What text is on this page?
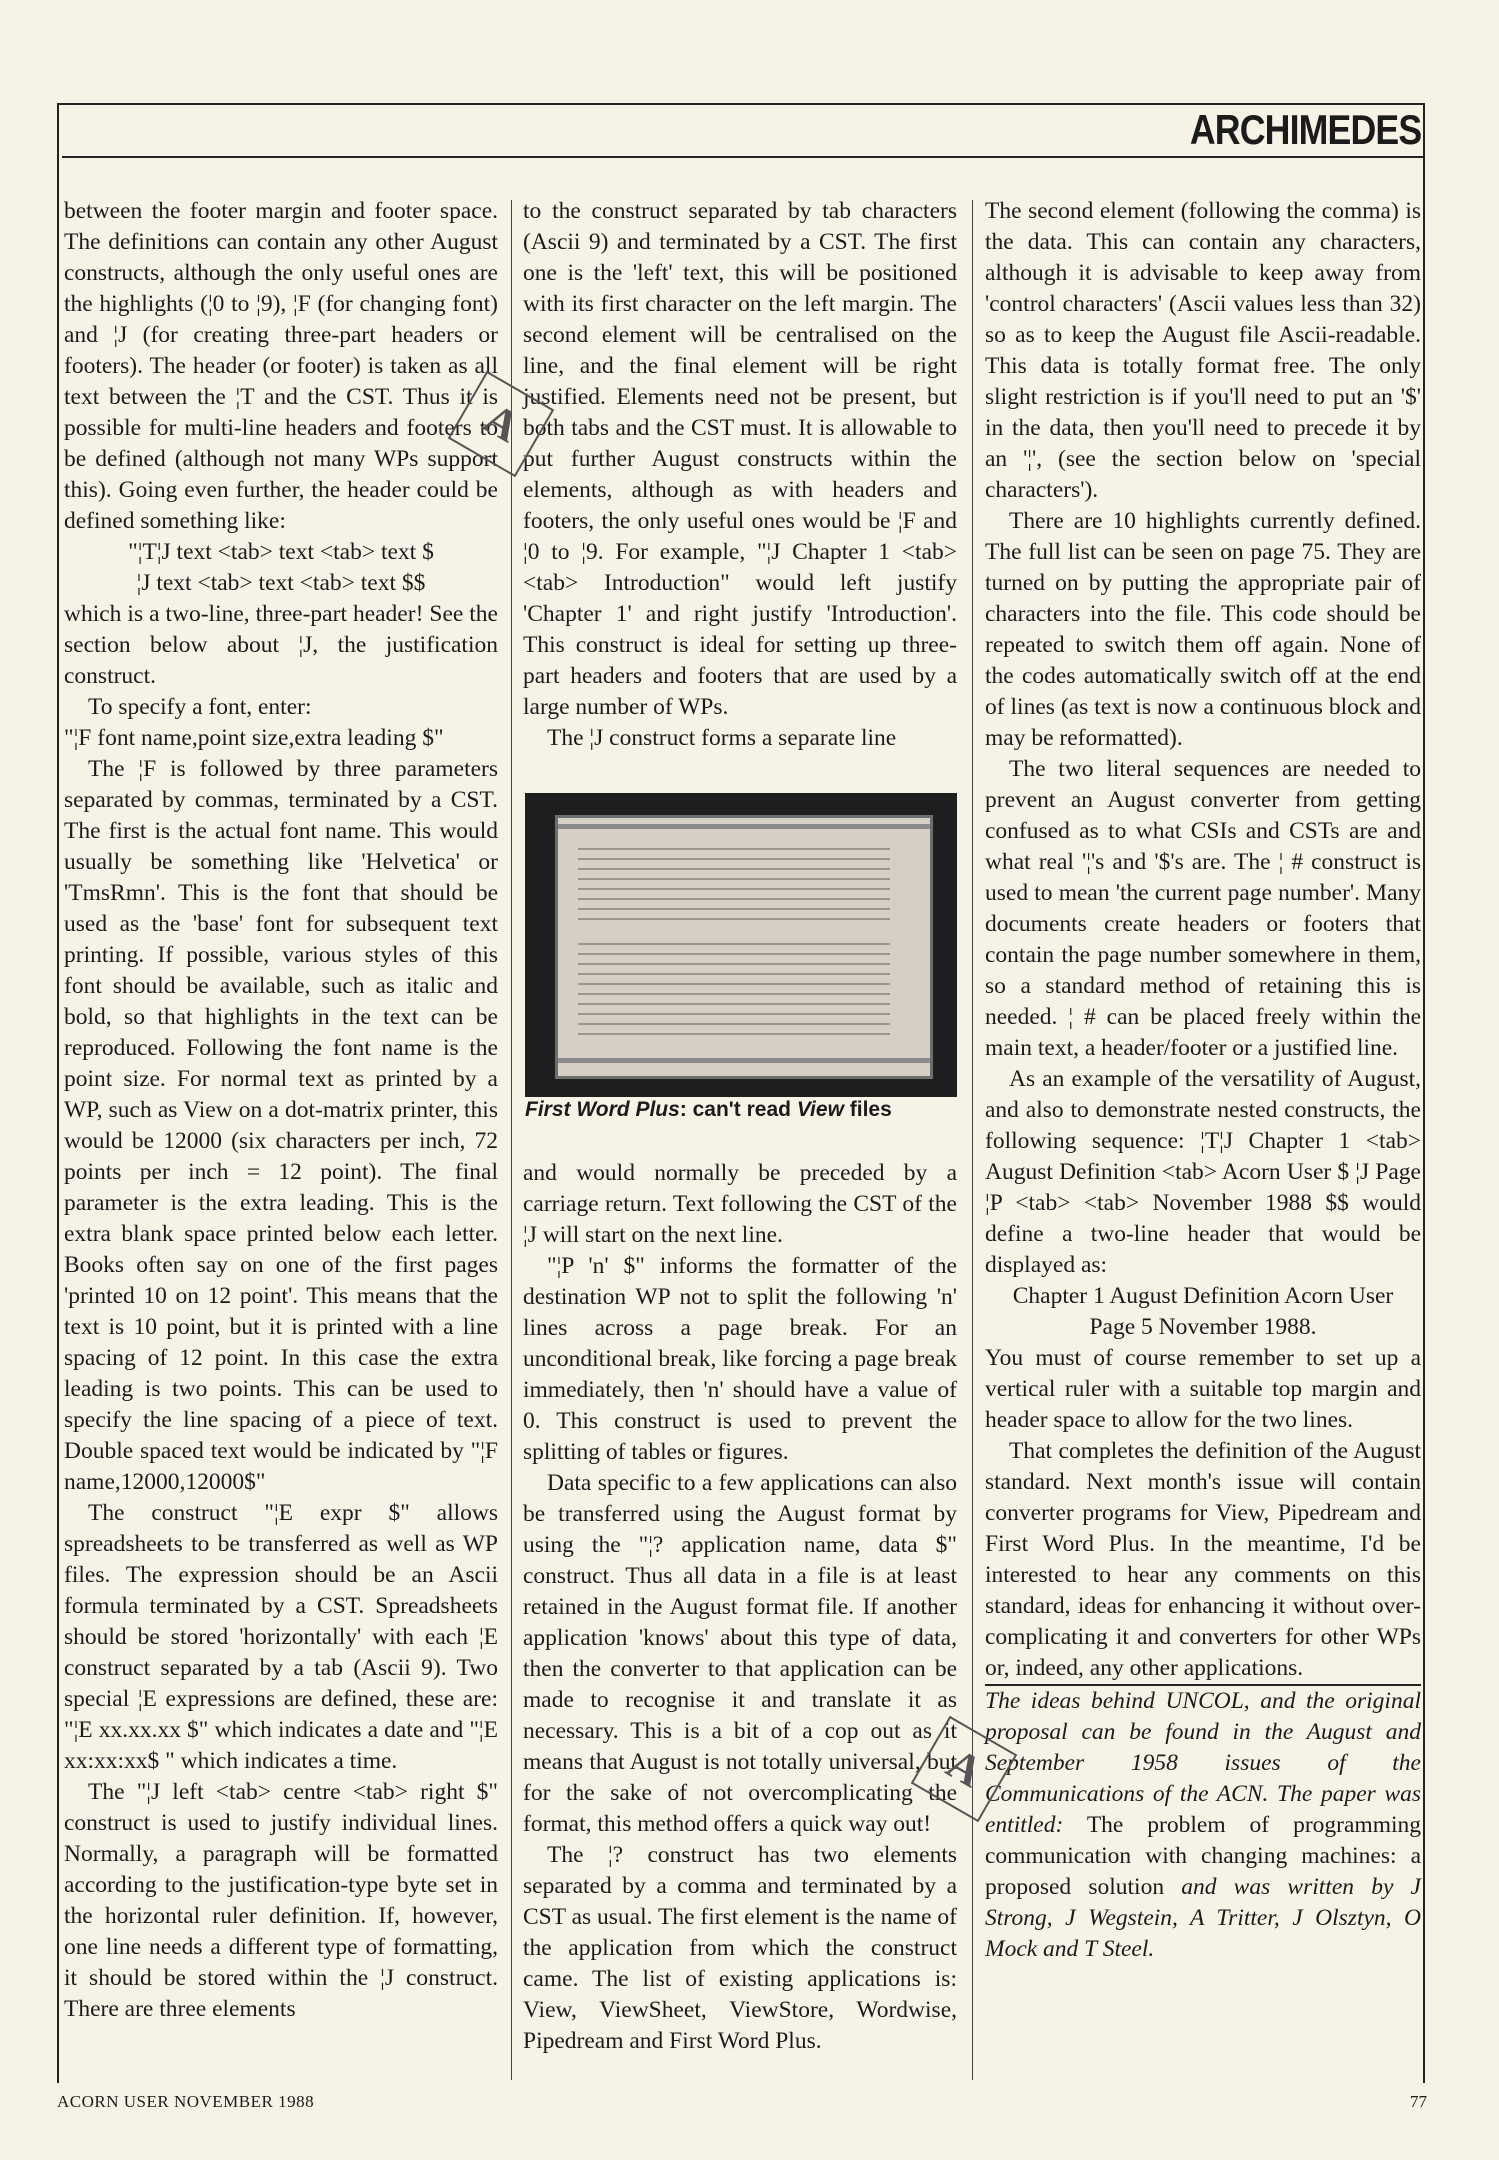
ARCHIMEDES

between the footer margin and footer space. The definitions can contain any other August constructs, although the only useful ones are the highlights (¦0 to ¦9), ¦F (for changing font) and ¦J (for creating three-part headers or footers). The header (or footer) is taken as all text between the ¦T and the CST. Thus it is possible for multi-line headers and footers to be defined (although not many WPs support this). Going even further, the header could be defined something like:

"¦T¦J text <tab> text <tab> text $

¦J text <tab> text <tab> text $$

which is a two-line, three-part header! See the section below about ¦J, the justification construct.

To specify a font, enter:

"¦F font name,point size,extra leading $"

The ¦F is followed by three parameters separated by commas, terminated by a CST. The first is the actual font name. This would usually be something like 'Helvetica' or 'TmsRmn'. This is the font that should be used as the 'base' font for subsequent text printing. If possible, various styles of this font should be available, such as italic and bold, so that highlights in the text can be reproduced. Following the font name is the point size. For normal text as printed by a WP, such as View on a dot-matrix printer, this would be 12000 (six characters per inch, 72 points per inch = 12 point). The final parameter is the extra leading. This is the extra blank space printed below each letter. Books often say on one of the first pages 'printed 10 on 12 point'. This means that the text is 10 point, but it is printed with a line spacing of 12 point. In this case the extra leading is two points. This can be used to specify the line spacing of a piece of text. Double spaced text would be indicated by "¦F name,12000,12000$"

The construct "¦E expr $" allows spreadsheets to be transferred as well as WP files. The expression should be an Ascii formula terminated by a CST. Spreadsheets should be stored 'horizontally' with each ¦E construct separated by a tab (Ascii 9). Two special ¦E expressions are defined, these are: "¦E xx.xx.xx $" which indicates a date and "¦E xx:xx:xx$ " which indicates a time.

The "¦J left <tab> centre <tab> right $" construct is used to justify individual lines. Normally, a paragraph will be formatted according to the justification-type byte set in the horizontal ruler definition. If, however, one line needs a different type of formatting, it should be stored within the ¦J construct. There are three elements

to the construct separated by tab characters (Ascii 9) and terminated by a CST. The first one is the 'left' text, this will be positioned with its first character on the left margin. The second element will be centralised on the line, and the final element will be right justified. Elements need not be present, but both tabs and the CST must. It is allowable to put further August constructs within the elements, although as with headers and footers, the only useful ones would be ¦F and ¦0 to ¦9. For example, "¦J Chapter 1 <tab> <tab> Introduction" would left justify 'Chapter 1' and right justify 'Introduction'. This construct is ideal for setting up three-part headers and footers that are used by a large number of WPs.

The ¦J construct forms a separate line

and would normally be preceded by a carriage return. Text following the CST of the ¦J will start on the next line.

"¦P 'n' $" informs the formatter of the destination WP not to split the following 'n' lines across a page break. For an unconditional break, like forcing a page break immediately, then 'n' should have a value of 0. This construct is used to prevent the splitting of tables or figures.

Data specific to a few applications can also be transferred using the August format by using the "¦? application name, data $" construct. Thus all data in a file is at least retained in the August format file. If another application 'knows' about this type of data, then the converter to that application can be made to recognise it and translate it as necessary. This is a bit of a cop out as it means that August is not totally universal, but for the sake of not overcomplicating the format, this method offers a quick way out!

The ¦? construct has two elements separated by a comma and terminated by a CST as usual. The first element is the name of the application from which the construct came. The list of existing applications is: View, ViewSheet, ViewStore, Wordwise, Pipedream and First Word Plus.

The second element (following the comma) is the data. This can contain any characters, although it is advisable to keep away from 'control characters' (Ascii values less than 32) so as to keep the August file Ascii-readable. This data is totally format free. The only slight restriction is if you'll need to put an '$' in the data, then you'll need to precede it by an '¦', (see the section below on 'special characters').

There are 10 highlights currently defined. The full list can be seen on page 75. They are turned on by putting the appropriate pair of characters into the file. This code should be repeated to switch them off again. None of the codes automatically switch off at the end of lines (as text is now a continuous block and may be reformatted).

The two literal sequences are needed to prevent an August converter from getting confused as to what CSIs and CSTs are and what real '¦'s and '$'s are. The ¦ # construct is used to mean 'the current page number'. Many documents create headers or footers that contain the page number somewhere in them, so a standard method of retaining this is needed. ¦ # can be placed freely within the main text, a header/footer or a justified line.

As an example of the versatility of August, and also to demonstrate nested constructs, the following sequence: ¦T¦J Chapter 1 <tab> August Definition <tab> Acorn User $ ¦J Page ¦P <tab> <tab> November 1988 $$ would define a two-line header that would be displayed as:

Chapter 1 August Definition Acorn User

Page 5 November 1988.

You must of course remember to set up a vertical ruler with a suitable top margin and header space to allow for the two lines.

That completes the definition of the August standard. Next month's issue will contain converter programs for View, Pipedream and First Word Plus. In the meantime, I'd be interested to hear any comments on this standard, ideas for enhancing it without over-complicating it and converters for other WPs or, indeed, any other applications.

The ideas behind UNCOL, and the original proposal can be found in the August and September 1958 issues of the Communications of the ACN. The paper was entitled: The problem of programming communication with changing machines: a proposed solution and was written by J Strong, J Wegstein, A Tritter, J Olsztyn, O Mock and T Steel.

First Word Plus: can't read View files
A
A
ACORN USER NOVEMBER 1988	77
